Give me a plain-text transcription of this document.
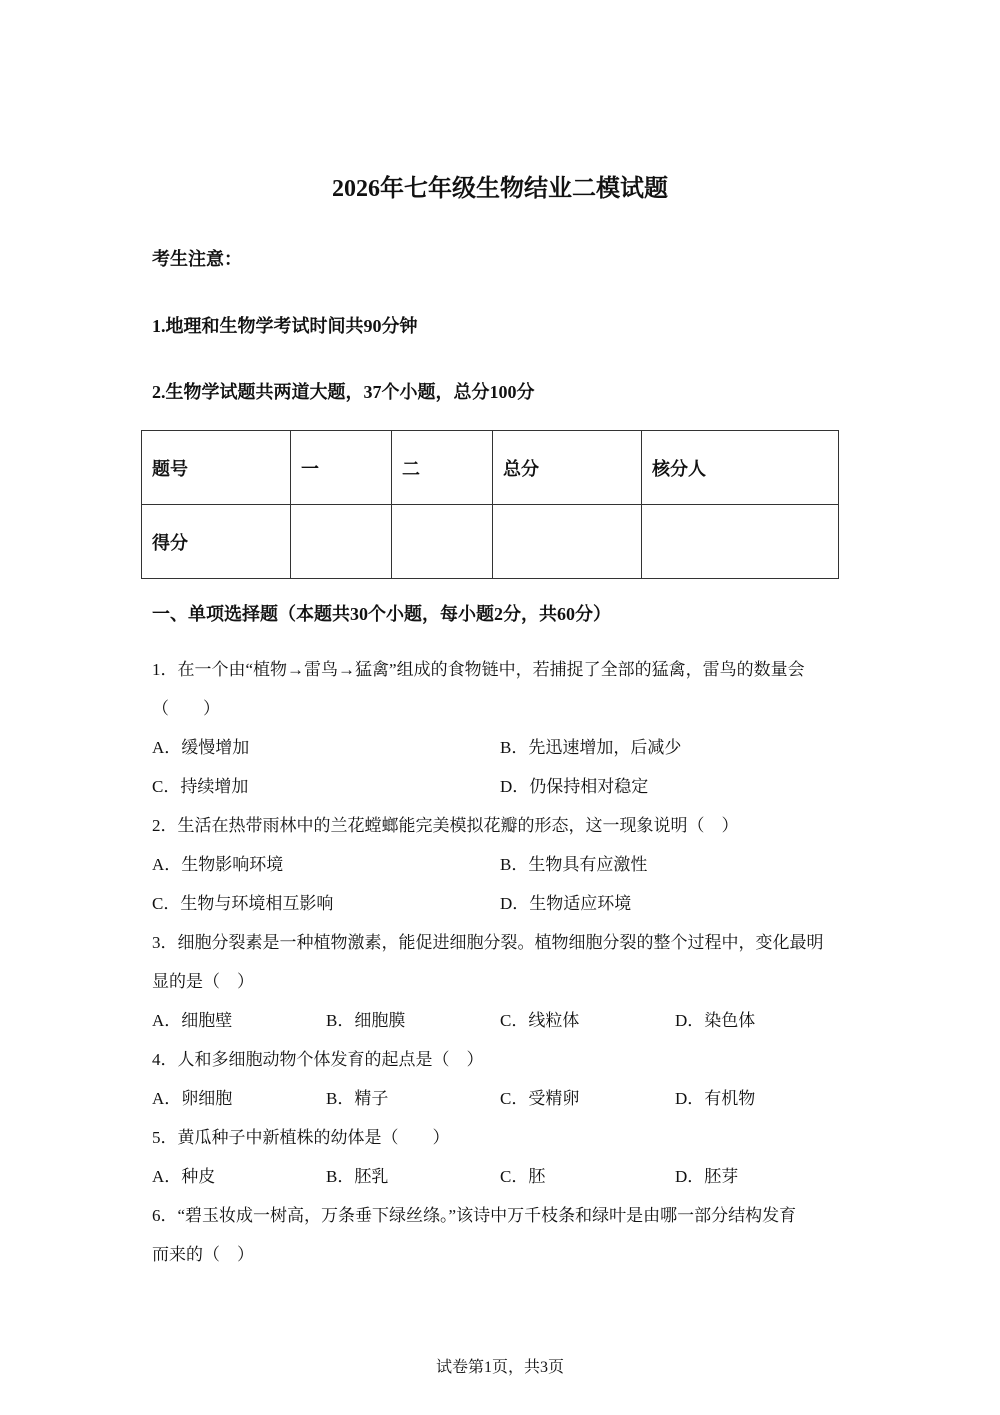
2026年七年级生物结业二模试题
考生注意：
1.地理和生物学考试时间共90分钟
2.生物学试题共两道大题，37个小题，总分100分
题号	一	二	总分	核分人
得分				
一、单项选择题（本题共30个小题，每小题2分，共60分）
1．在一个由“植物→雷鸟→猛禽”组成的食物链中，若捕捉了全部的猛禽，雷鸟的数量会
（　　）
A．缓慢增加	B．先迅速增加，后减少
C．持续增加	D．仍保持相对稳定
2．生活在热带雨林中的兰花螳螂能完美模拟花瓣的形态，这一现象说明（　）
A．生物影响环境	B．生物具有应激性
C．生物与环境相互影响	D．生物适应环境
3．细胞分裂素是一种植物激素，能促进细胞分裂。植物细胞分裂的整个过程中，变化最明
显的是（　）
A．细胞壁	B．细胞膜	C．线粒体	D．染色体
4．人和多细胞动物个体发育的起点是（　）
A．卵细胞	B．精子	C．受精卵	D．有机物
5．黄瓜种子中新植株的幼体是（　　）
A．种皮	B．胚乳	C．胚	D．胚芽
6．“碧玉妆成一树高，万条垂下绿丝绦。”该诗中万千枝条和绿叶是由哪一部分结构发育
而来的（　）
试卷第1页，共3页
